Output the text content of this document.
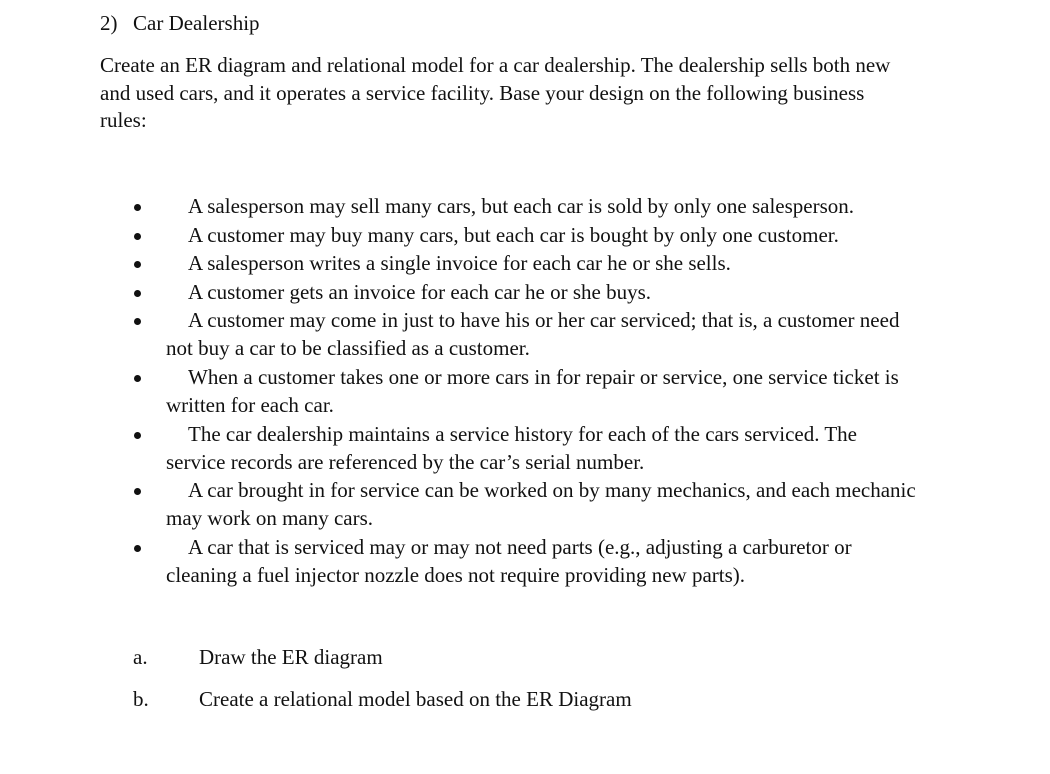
2) Car Dealership
Create an ER diagram and relational model for a car dealership. The dealership sells both new and used cars, and it operates a service facility. Base your design on the following business rules:
A salesperson may sell many cars, but each car is sold by only one salesperson.
A customer may buy many cars, but each car is bought by only one customer.
A salesperson writes a single invoice for each car he or she sells.
A customer gets an invoice for each car he or she buys.
A customer may come in just to have his or her car serviced; that is, a customer need not buy a car to be classified as a customer.
When a customer takes one or more cars in for repair or service, one service ticket is written for each car.
The car dealership maintains a service history for each of the cars serviced. The service records are referenced by the car’s serial number.
A car brought in for service can be worked on by many mechanics, and each mechanic may work on many cars.
A car that is serviced may or may not need parts (e.g., adjusting a carburetor or cleaning a fuel injector nozzle does not require providing new parts).
a. Draw the ER diagram
b. Create a relational model based on the ER Diagram
